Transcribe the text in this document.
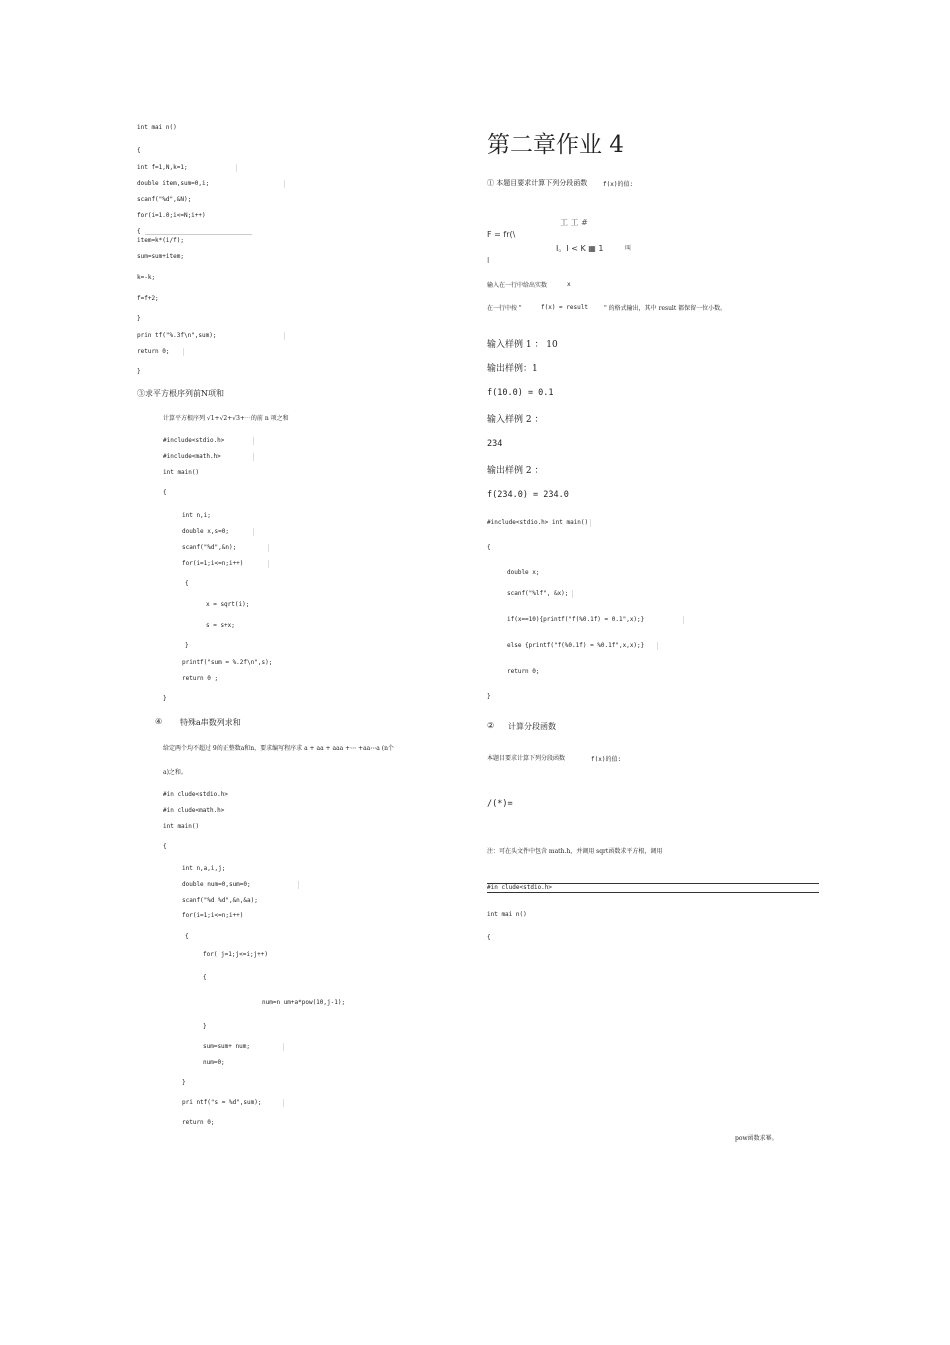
int mai n()
{
int f=1,N,k=1;
double item,sum=0,i;
scanf("%d",&N);
for(i=1.0;i<=N;i++)
{
item=k*(i/f);
sum=sum+item;
k=-k;
f=f+2;
}
prin tf("%.3f\n",sum);
return 0;
}
③求平方根序列前N项和
计算平方根序列 √1+√2+√3+⋯的前 n 项之和
#include<stdio.h>
#include<math.h>
int main()
{
int n,i;
double x,s=0;
scanf("%d",&n);
for(i=1;i<=n;i++)
{
x = sqrt(i);
s = s+x;
}
printf("sum = %.2f\n",s);
return 0 ;
}
④ 特殊a串数列求和
给定两个均不超过 9的正整数a和n，要求编写程序求 a + aa + aaa +⋯ +aa⋯a (n个
a)之和。
#in clude<stdio.h>
#in clude<math.h>
int main()
{
int n,a,i,j;
double num=0,sum=0;
scanf("%d %d",&n,&a);
for(i=1;i<=n;i++)
{
for( j=1;j<=i;j++)
{
num=n um+a*pow(10,j-1);
}
sum=sum+ num;
num=0;
}
pri ntf("s = %d",sum);
return 0;
第二章作业 4
① 本题目要求计算下列分段函数	f(x)的值:
工 工 #
F = fr(\
I。I < K ▦ 1	叫
I
输入在一行中给出实数	x
在一行中按 "	f(x) = result	" 的格式输出，其中 result 都保留一位小数。
输入样例 1 ： 10
输出样例：1
f(10.0) = 0.1
输入样例 2 ：
234
输出样例 2 ：
f(234.0) = 234.0
#include<stdio.h> int main()
{
double x;
scanf("%lf", &x);
if(x==10){printf("f(%0.1f) = 0.1",x);}
else {printf("f(%0.1f) = %0.1f",x,x);}
return 0;
}
② 计算分段函数
本题目要求计算下列分段函数	f(x)的值:
/(*)=
注：可在头文件中包含 math.h，并调用 sqrt函数求平方根，调用
#in clude<stdio.h>
int mai n()
{
pow函数求幂。
